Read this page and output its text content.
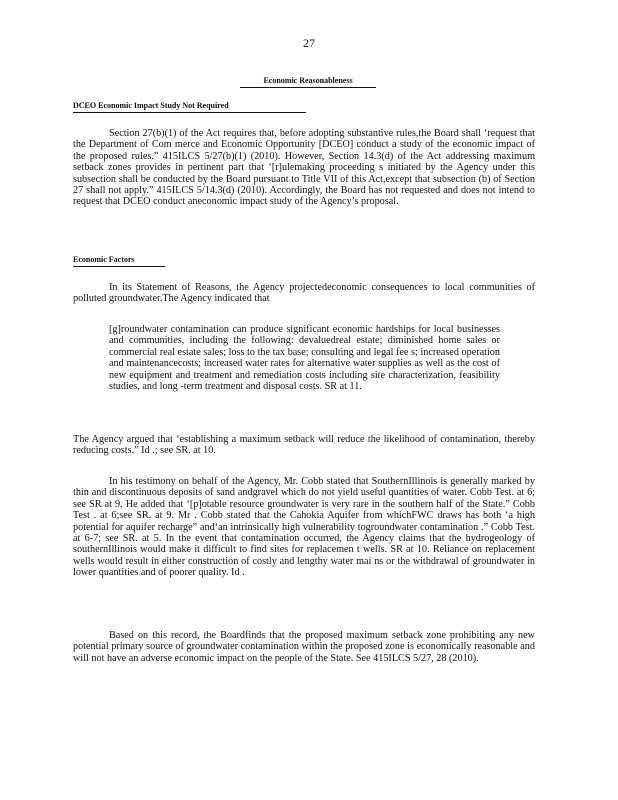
27
Economic Reasonableness
DCEO Economic Impact Study Not Required

Section 27(b)(1) of the Act requires that, before adopting substantive rules,the Board shall ‘request that the Department of Com merce and Economic Opportunity [DCEO] conduct a study of the economic impact of the proposed rules.” 415ILCS 5/27(b)(1) (2010). However, Section 14.3(d) of the Act addressing maximum setback zones provides in pertinent part that ‘[r]ulemaking proceeding s initiated by the Agency under this subsection shall be conducted by the Board pursuant to Title VII of this Act,except that subsection (b) of Section 27 shall not apply.” 415ILCS 5/14.3(d) (2010). Accordingly, the Board has not requested and does not intend to request that DCEO conduct aneconomic impact study of the Agency’s proposal.

Economic Factors

In its Statement of Reasons, the Agency projectedeconomic consequences to local communities of polluted groundwater.The Agency indicated that

[g]roundwater contamination can produce significant economic hardships for local businesses and communities, including the following: devaluedreal estate; diminished home sales or commercial real estate sales; loss to the tax base; consulting and legal fee s; increased operation and maintenancecosts; increased water rates for alternative water supplies as well as the cost of new equipment and treatment and remediation costs including site characterization, feasibility studies, and long -term treatment and disposal costs. SR at 11.

The Agency argued that ‘establishing a maximum setback will reduce the likelihood of contamination, thereby reducing costs.” Id .; see SR. at 10.

In his testimony on behalf of the Agency, Mr. Cobb stated that SouthernIllinois is generally marked by thin and discontinuous deposits of sand andgravel which do not yield useful quantities of water. Cobb Test. at 6; see SR at 9. He added that ‘[p]otable resource groundwater is very rare in the southern half of the State.” Cobb Test . at 6;see SR. at 9. Mr . Cobb stated that the Cahokia Aquifer from whichFWC draws has both ‘a high potential for aquifer recharge” and‘an intrinsically high vulnerability togroundwater contamination .” Cobb Test. at 6-7; see SR. at 5. In the event that contamination occurred, the Agency claims that the hydrogeology of southernIllinois would make it difficult to find sites for replacemen t wells. SR at 10. Reliance on replacement wells would result in either construction of costly and lengthy water mai ns or the withdrawal of groundwater in lower quantities and of poorer quality. Id .

Based on this record, the Boardfinds that the proposed maximum setback zone prohibiting any new potential primary source of groundwater contamination within the proposed zone is economically reasonable and will not have an adverse economic impact on the people of the State. See 415ILCS 5/27, 28 (2010).
